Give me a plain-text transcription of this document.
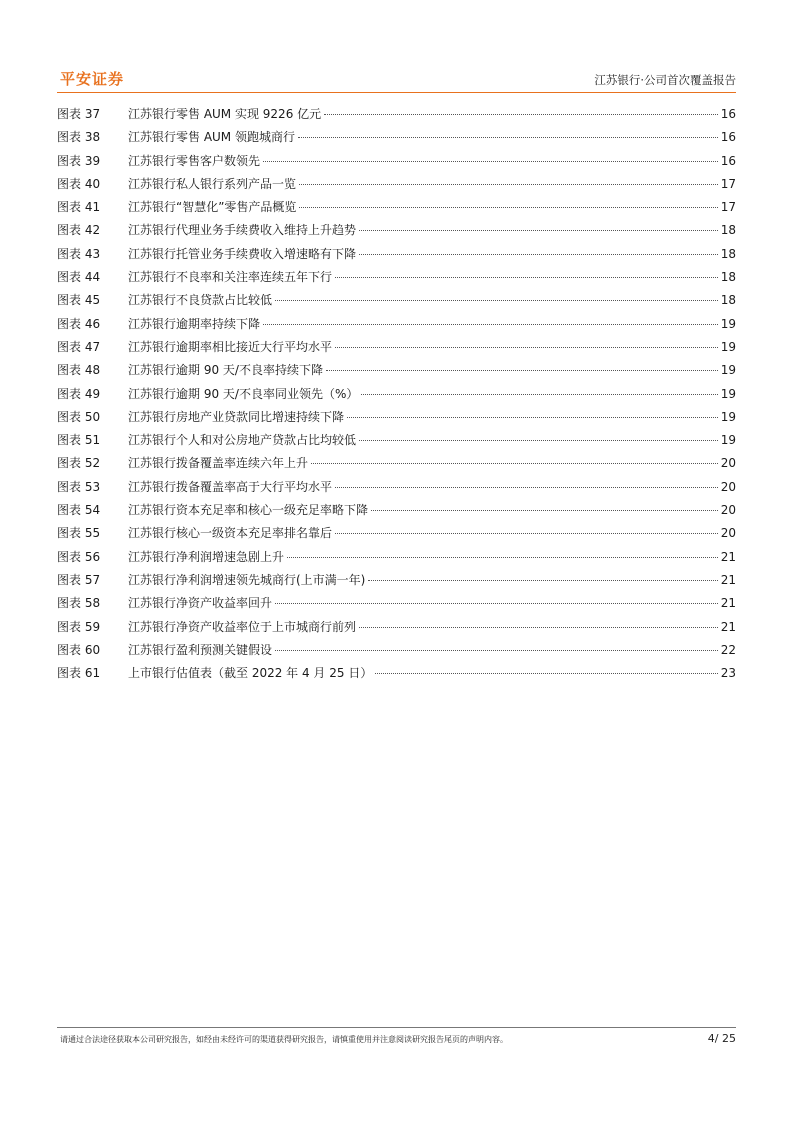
平安证券	江苏银行·公司首次覆盖报告
图表 37	江苏银行零售 AUM 实现 9226 亿元	16
图表 38	江苏银行零售 AUM 领跑城商行	16
图表 39	江苏银行零售客户数领先	16
图表 40	江苏银行私人银行系列产品一览	17
图表 41	江苏银行“智慧化”零售产品概览	17
图表 42	江苏银行代理业务手续费收入维持上升趋势	18
图表 43	江苏银行托管业务手续费收入增速略有下降	18
图表 44	江苏银行不良率和关注率连续五年下行	18
图表 45	江苏银行不良贷款占比较低	18
图表 46	江苏银行逾期率持续下降	19
图表 47	江苏银行逾期率相比接近大行平均水平	19
图表 48	江苏银行逾期 90 天/不良率持续下降	19
图表 49	江苏银行逾期 90 天/不良率同业领先（%）	19
图表 50	江苏银行房地产业贷款同比增速持续下降	19
图表 51	江苏银行个人和对公房地产贷款占比均较低	19
图表 52	江苏银行拨备覆盖率连续六年上升	20
图表 53	江苏银行拨备覆盖率高于大行平均水平	20
图表 54	江苏银行资本充足率和核心一级充足率略下降	20
图表 55	江苏银行核心一级资本充足率排名靠后	20
图表 56	江苏银行净利润增速急剧上升	21
图表 57	江苏银行净利润增速领先城商行(上市满一年)	21
图表 58	江苏银行净资产收益率回升	21
图表 59	江苏银行净资产收益率位于上市城商行前列	21
图表 60	江苏银行盈利预测关键假设	22
图表 61	上市银行估值表（截至 2022 年 4 月 25 日）	23
请通过合法途径获取本公司研究报告，如经由未经许可的渠道获得研究报告，请慎重使用并注意阅读研究报告尾页的声明内容。	4/ 25
